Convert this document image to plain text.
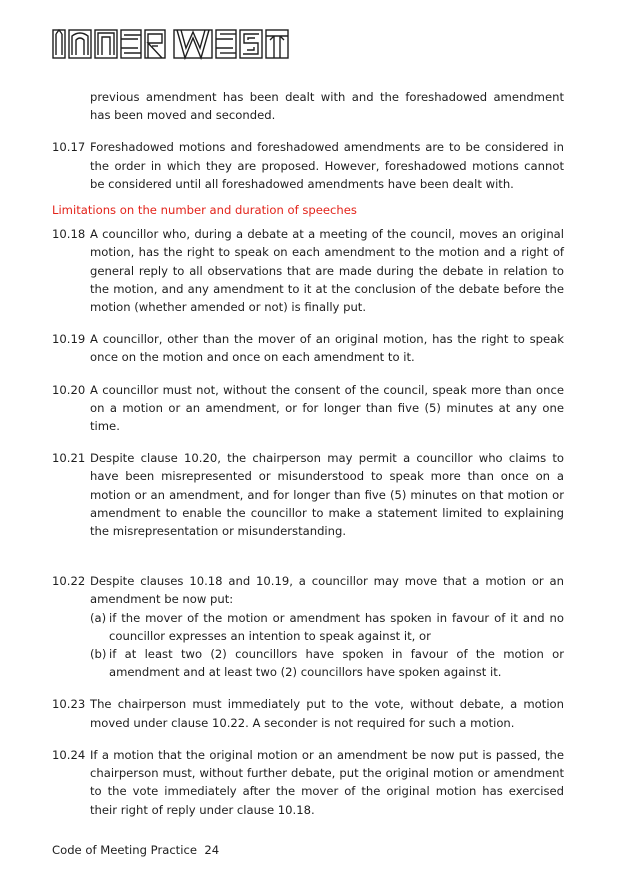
previous amendment has been dealt with and the foreshadowed amendment has been moved and seconded.
10.17 Foreshadowed motions and foreshadowed amendments are to be considered in the order in which they are proposed. However, foreshadowed motions cannot be considered until all foreshadowed amendments have been dealt with.
Limitations on the number and duration of speeches
10.18 A councillor who, during a debate at a meeting of the council, moves an original motion, has the right to speak on each amendment to the motion and a right of general reply to all observations that are made during the debate in relation to the motion, and any amendment to it at the conclusion of the debate before the motion (whether amended or not) is finally put.
10.19 A councillor, other than the mover of an original motion, has the right to speak once on the motion and once on each amendment to it.
10.20 A councillor must not, without the consent of the council, speak more than once on a motion or an amendment, or for longer than five (5) minutes at any one time.
10.21 Despite clause 10.20, the chairperson may permit a councillor who claims to have been misrepresented or misunderstood to speak more than once on a motion or an amendment, and for longer than five (5) minutes on that motion or amendment to enable the councillor to make a statement limited to explaining the misrepresentation or misunderstanding.
10.22 Despite clauses 10.18 and 10.19, a councillor may move that a motion or an amendment be now put:
(a) if the mover of the motion or amendment has spoken in favour of it and no councillor expresses an intention to speak against it, or
(b) if at least two (2) councillors have spoken in favour of the motion or amendment and at least two (2) councillors have spoken against it.
10.23 The chairperson must immediately put to the vote, without debate, a motion moved under clause 10.22. A seconder is not required for such a motion.
10.24 If a motion that the original motion or an amendment be now put is passed, the chairperson must, without further debate, put the original motion or amendment to the vote immediately after the mover of the original motion has exercised their right of reply under clause 10.18.
Code of Meeting Practice 24
